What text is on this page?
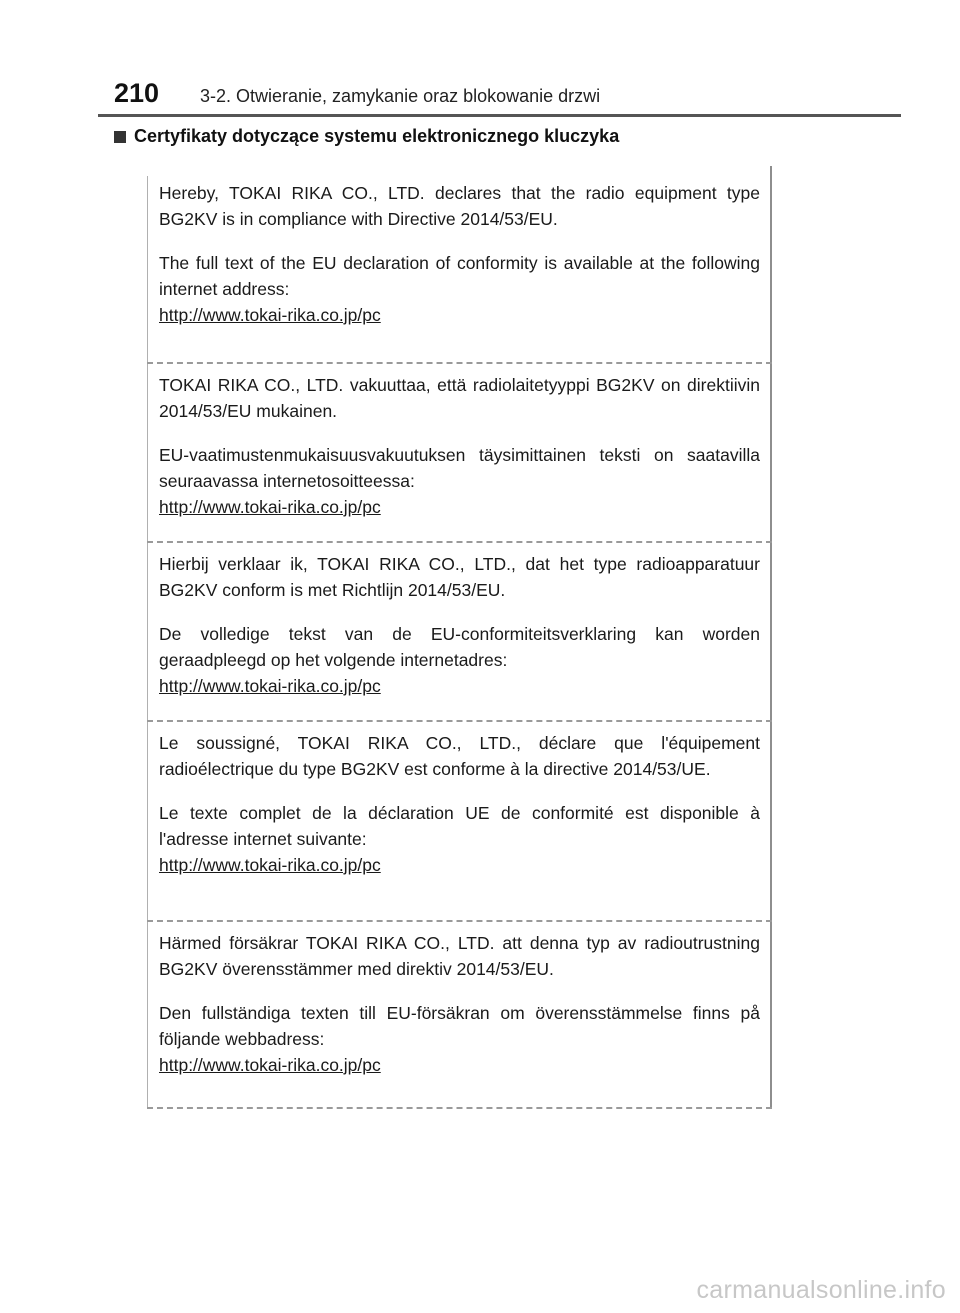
210 3-2. Otwieranie, zamykanie oraz blokowanie drzwi
Certyfikaty dotyczące systemu elektronicznego kluczyka

Hereby, TOKAI RIKA CO., LTD. declares that the radio equipment type BG2KV is in compliance with Directive 2014/53/EU.

The full text of the EU declaration of conformity is available at the following internet address:

http://www.tokai-rika.co.jp/pc

TOKAI RIKA CO., LTD. vakuuttaa, että radiolaitetyyppi BG2KV on direktiivin 2014/53/EU mukainen.

EU-vaatimustenmukaisuusvakuutuksen täysimittainen teksti on saatavilla seuraavassa internetosoitteessa:

http://www.tokai-rika.co.jp/pc

Hierbij verklaar ik, TOKAI RIKA CO., LTD., dat het type radioapparatuur BG2KV conform is met Richtlijn 2014/53/EU.

De volledige tekst van de EU-conformiteitsverklaring kan worden geraadpleegd op het volgende internetadres:

http://www.tokai-rika.co.jp/pc

Le soussigné, TOKAI RIKA CO., LTD., déclare que l'équipement radioélectrique du type BG2KV est conforme à la directive 2014/53/UE.

Le texte complet de la déclaration UE de conformité est disponible à l'adresse internet suivante:

http://www.tokai-rika.co.jp/pc

Härmed försäkrar TOKAI RIKA CO., LTD. att denna typ av radioutrustning BG2KV överensstämmer med direktiv 2014/53/EU.

Den fullständiga texten till EU-försäkran om överensstämmelse finns på följande webbadress:

http://www.tokai-rika.co.jp/pc
carmanualsonline.info
